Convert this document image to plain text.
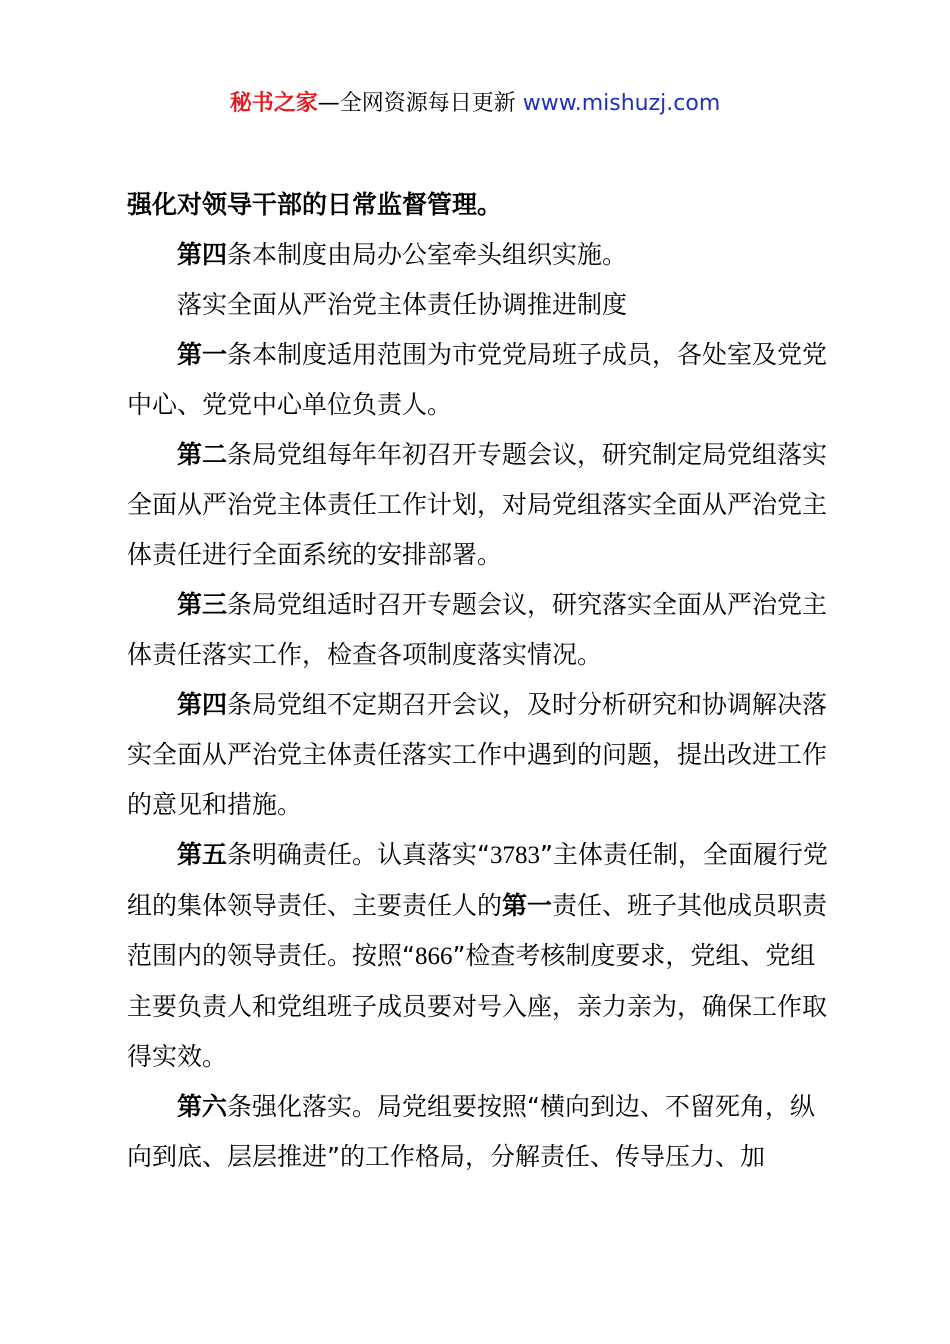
秘书之家—全网资源每日更新 www.mishuzj.com

强化对领导干部的日常监督管理。

第四条本制度由局办公室牵头组织实施。

落实全面从严治党主体责任协调推进制度

第一条本制度适用范围为市党党局班子成员，各处室及党党中心、党党中心单位负责人。

第二条局党组每年年初召开专题会议，研究制定局党组落实全面从严治党主体责任工作计划，对局党组落实全面从严治党主体责任进行全面系统的安排部署。

第三条局党组适时召开专题会议，研究落实全面从严治党主体责任落实工作，检查各项制度落实情况。

第四条局党组不定期召开会议，及时分析研究和协调解决落实全面从严治党主体责任落实工作中遇到的问题，提出改进工作的意见和措施。

第五条明确责任。认真落实“3783”主体责任制，全面履行党组的集体领导责任、主要责任人的第一责任、班子其他成员职责范围内的领导责任。按照“866”检查考核制度要求，党组、党组主要负责人和党组班子成员要对号入座，亲力亲为，确保工作取得实效。

第六条强化落实。局党组要按照“横向到边、不留死角，纵向到底、层层推进”的工作格局，分解责任、传导压力、加
